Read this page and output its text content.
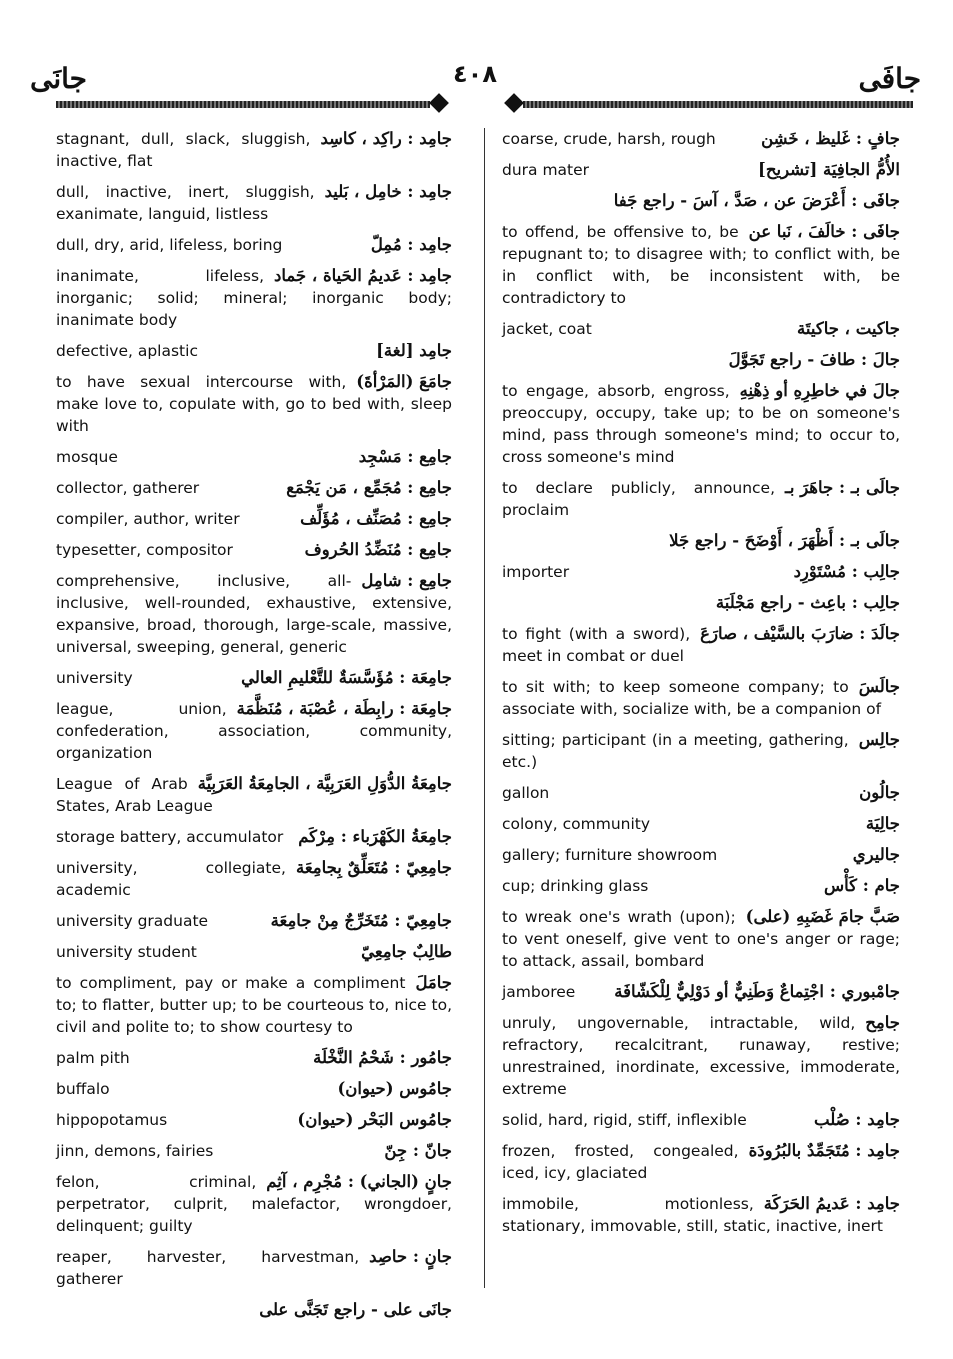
جانَى	٤٠٨	جافَى
جامِد : راكِد ، كاسِد
stagnant, dull, slack, sluggish, inactive, flat
جامِد : خامِل ، بَليد
dull, inactive, inert, sluggish, exanimate, languid, listless
جامِد : مُمِلّ
dull, dry, arid, lifeless, boring
جامِد : عَديمُ الحَياة ، جَماد
inanimate, lifeless, inorganic; solid; mineral; inorganic body; inanimate body
جامِد [لغة]
defective, aplastic
جامَعَ (المَرْأةَ)
to have sexual intercourse with, make love to, copulate with, go to bed with, sleep with
جامِع : مَسْجِد
mosque
جامِع : مُجَمِّع ، مَن يَجْمَع
collector, gatherer
جامِع : مُصَنِّف ، مُؤَلِّف
compiler, author, writer
جامِع : مُنَضِّدُ الحُروف
typesetter, compositor
جامِع : شامِل
comprehensive, inclusive, all-inclusive, well-rounded, exhaustive, extensive, expansive, broad, thorough, large-scale, massive, universal, sweeping, general, generic
جامِعَة : مُؤَسَّسَةٌ للتَّعْليمِ العالي
university
جامِعَة : رابِطَة ، عُصْبَة ، مُنَظَّمَة
league, union, confederation, association, community, organization
جامِعَةُ الدُّوَلِ العَرَبِيَّة ، الجامِعَةُ العَرَبِيَّة
League of Arab States, Arab League
جامِعَةُ الكَهْرَباء : مِرْكَم
storage battery, accumulator
جامِعِيّ : مُتَعَلِّقٌ بِجامِعَة
university, collegiate, academic
جامِعِيّ : مُتَخَرِّجٌ مِنْ جامِعَة
university graduate
طالِبٌ جامِعِيّ
university student
جامَلَ
to compliment, pay or make a compliment to; to flatter, butter up; to be courteous to, nice to, civil and polite to; to show courtesy to
جامُور : شَحْمُ النَّخْلَة
palm pith
جامُوس (حيوان)
buffalo
جامُوس البَحْر (حيوان)
hippopotamus
جانّ : جِنّ
jinn, demons, fairies
جانٍ (الجاني) : مُجْرِم ، آثِم
felon, criminal, perpetrator, culprit, malefactor, wrongdoer, delinquent; guilty
جانٍ : حاصِد
reaper, harvester, harvestman, gatherer
جانَى على - راجع تَجَنَّى على
جافٍ : غَليظ ، خَشِن
coarse, crude, harsh, rough
الأُمُّ الجافِيَة [تشريح]
dura mater
جافَى : أَعْرَضَ عن ، صَدَّ ، آسَ - راجع جَفا
جافَى : خالَفَ ، نَبا عن
to offend, be offensive to, be repugnant to; to disagree with; to conflict with, be in conflict with, be inconsistent with, be contradictory to
جاكيت ، جاكيتَة
jacket, coat
جالَ : طافَ - راجع تَجَوَّلَ
جالَ في خاطِرِهِ أو ذِهْنِهِ
to engage, absorb, engross, preoccupy, occupy, take up; to be on someone's mind, pass through someone's mind; to occur to, cross someone's mind
جالَى بـ : جاهَرَ بـ
to declare publicly, announce, proclaim
جالَى بـ : أَظْهَرَ ، أَوْضَحَ - راجع جَلا
جالِب : مُسْتَوْرِد
importer
جالِب : باعِث - راجع مَجْلَبَة
جالَدَ : ضارَبَ بالسَّيْف ، صارَعَ
to fight (with a sword), meet in combat or duel
جالَسَ
to sit with; to keep someone company; to associate with, socialize with, be a companion of
جالِس
sitting; participant (in a meeting, gathering, etc.)
جالُون
gallon
جالِيَة
colony, community
جاليري
gallery; furniture showroom
جام : كَأْس
cup; drinking glass
صَبَّ جامَ غَضَبِهِ (على)
to wreak one's wrath (upon); to vent oneself, give vent to one's anger or rage; to attack, assail, bombard
جامْبوري : اجْتِماعٌ وَطَنِيٌّ أو دَوْلِيٌّ لِلْكَشّافَة
jamboree
جامِح
unruly, ungovernable, intractable, wild, refractory, recalcitrant, runaway, restive; unrestrained, inordinate, excessive, immoderate, extreme
جامِد : صُلْب
solid, hard, rigid, stiff, inflexible
جامِد : مُتَجَمِّدٌ بالبُرُودَة
frozen, frosted, congealed, iced, icy, glaciated
جامِد : عَديمُ الحَرَكَة
immobile, motionless, stationary, immovable, still, static, inactive, inert
